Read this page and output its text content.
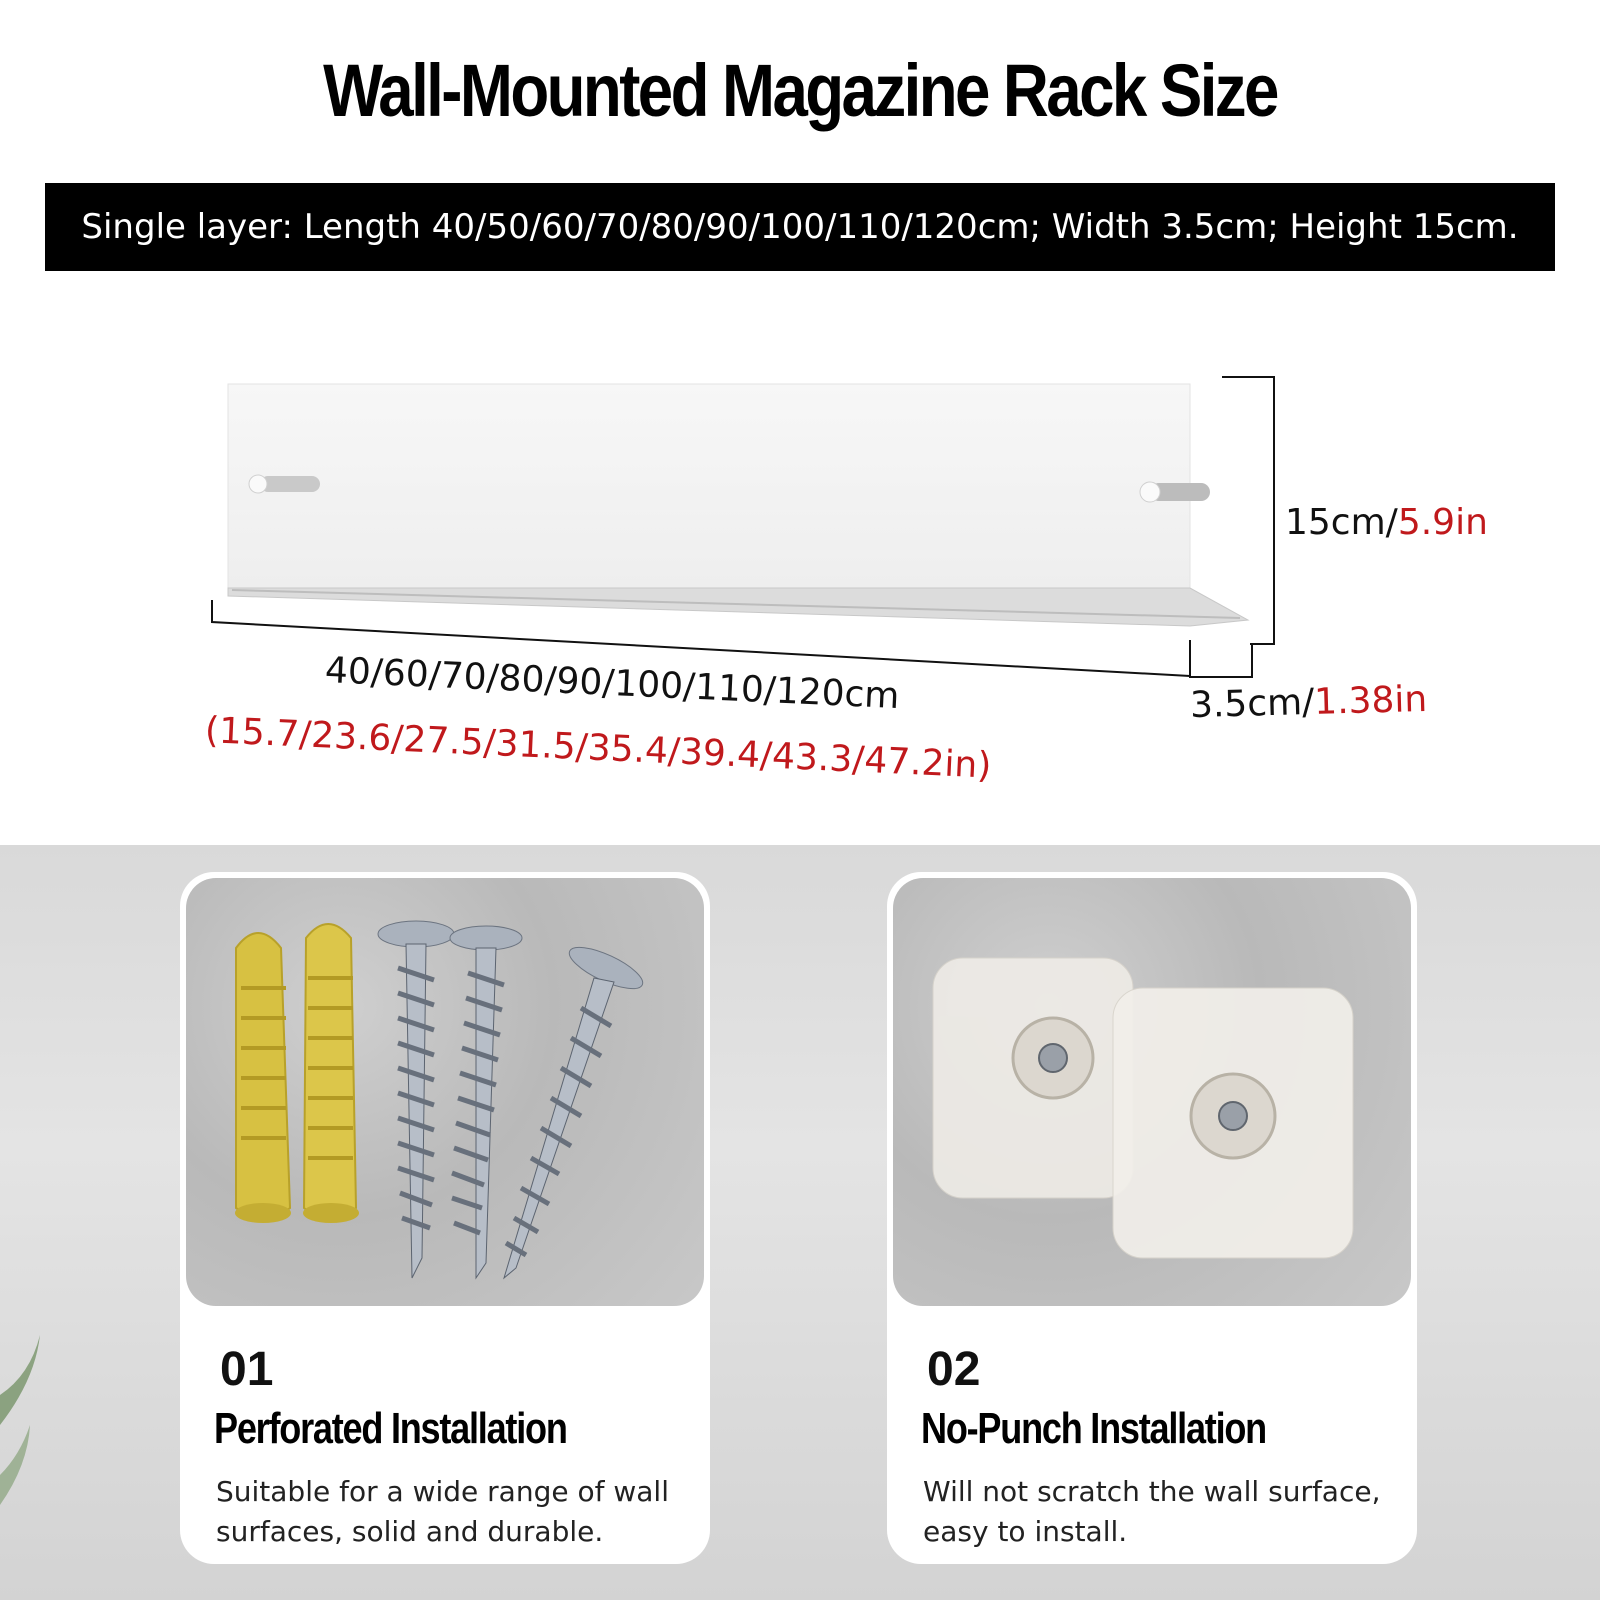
Wall-Mounted Magazine Rack Size
Single layer: Length 40/50/60/70/80/90/100/110/120cm; Width 3.5cm; Height 15cm.
15cm/5.9in
3.5cm/1.38in
40/60/70/80/90/100/110/120cm
(15.7/23.6/27.5/31.5/35.4/39.4/43.3/47.2in)
01
Perforated Installation
Suitable for a wide range of wall surfaces, solid and durable.
02
No-Punch Installation
Will not scratch the wall surface, easy to install.
